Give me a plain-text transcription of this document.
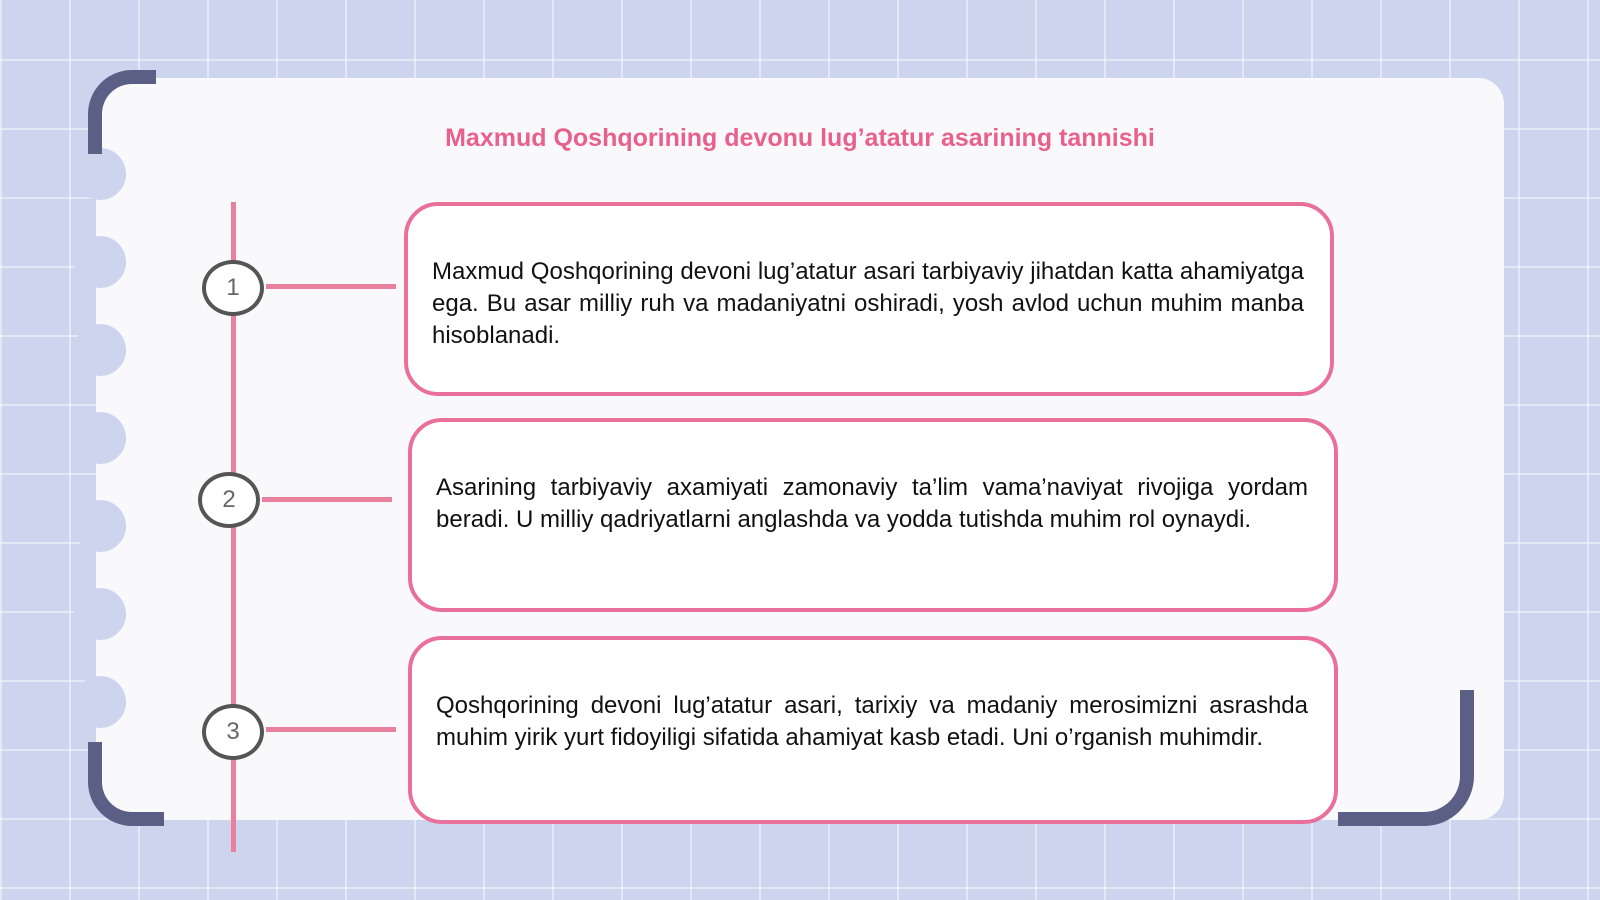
Maxmud Qoshqorining devonu lug’atatur asarining tannishi
1
2
3

Maxmud Qoshqorining devoni lug’atatur asari tarbiyaviy jihatdan katta ahamiyatga ega. Bu asar milliy ruh va madaniyatni oshiradi, yosh avlod uchun muhim manba hisoblanadi.

Asarining tarbiyaviy axamiyati zamonaviy ta’lim vama’naviyat rivojiga yordam beradi. U milliy qadriyatlarni anglashda va yodda tutishda muhim rol oynaydi.

Qoshqorining devoni lug’atatur asari, tarixiy va madaniy merosimizni asrashda muhim yirik yurt fidoyiligi sifatida ahamiyat kasb etadi. Uni o’rganish muhimdir.
